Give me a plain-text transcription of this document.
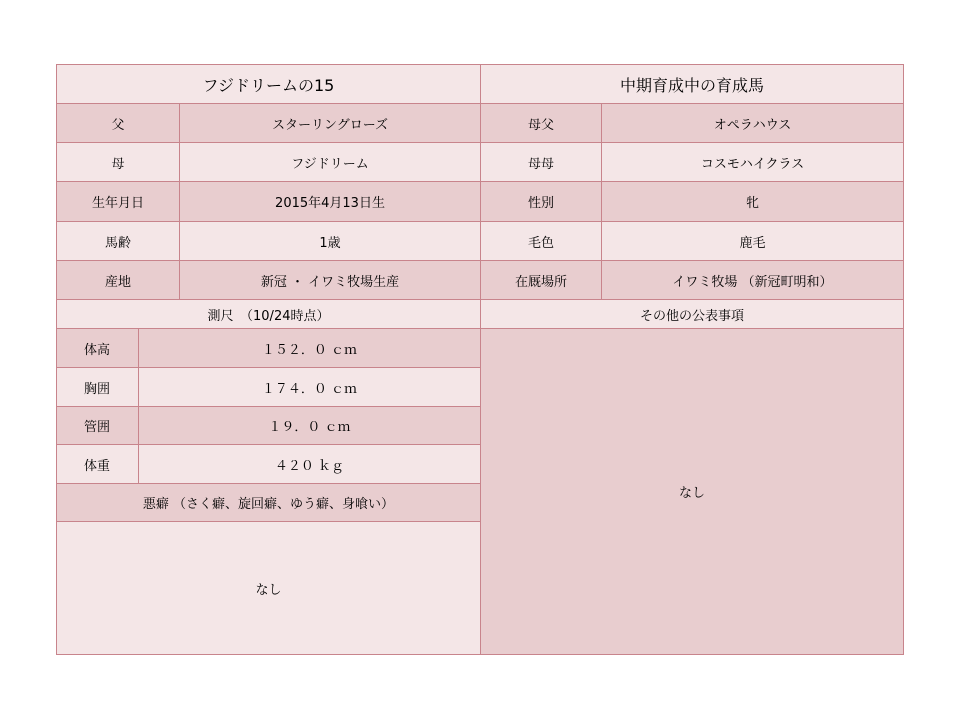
フジドリームの15	中期育成中の育成馬
父	スターリングローズ	母父	オペラハウス
母	フジドリーム	母母	コスモハイクラス
生年月日	2015年4月13日生	性別	牝
馬齢	1歳	毛色	鹿毛
産地	新冠 ・ イワミ牧場生産	在厩場所	イワミ牧場 （新冠町明和）
測尺　（10/24時点）	その他の公表事項
体高	１５２．０ ｃｍ
胸囲	１７４．０ ｃｍ
管囲	１９．０ ｃｍ
体重	４２０ ｋｇ
悪癖 （さく癖、旋回癖、ゆう癖、身喰い）
なし
なし
